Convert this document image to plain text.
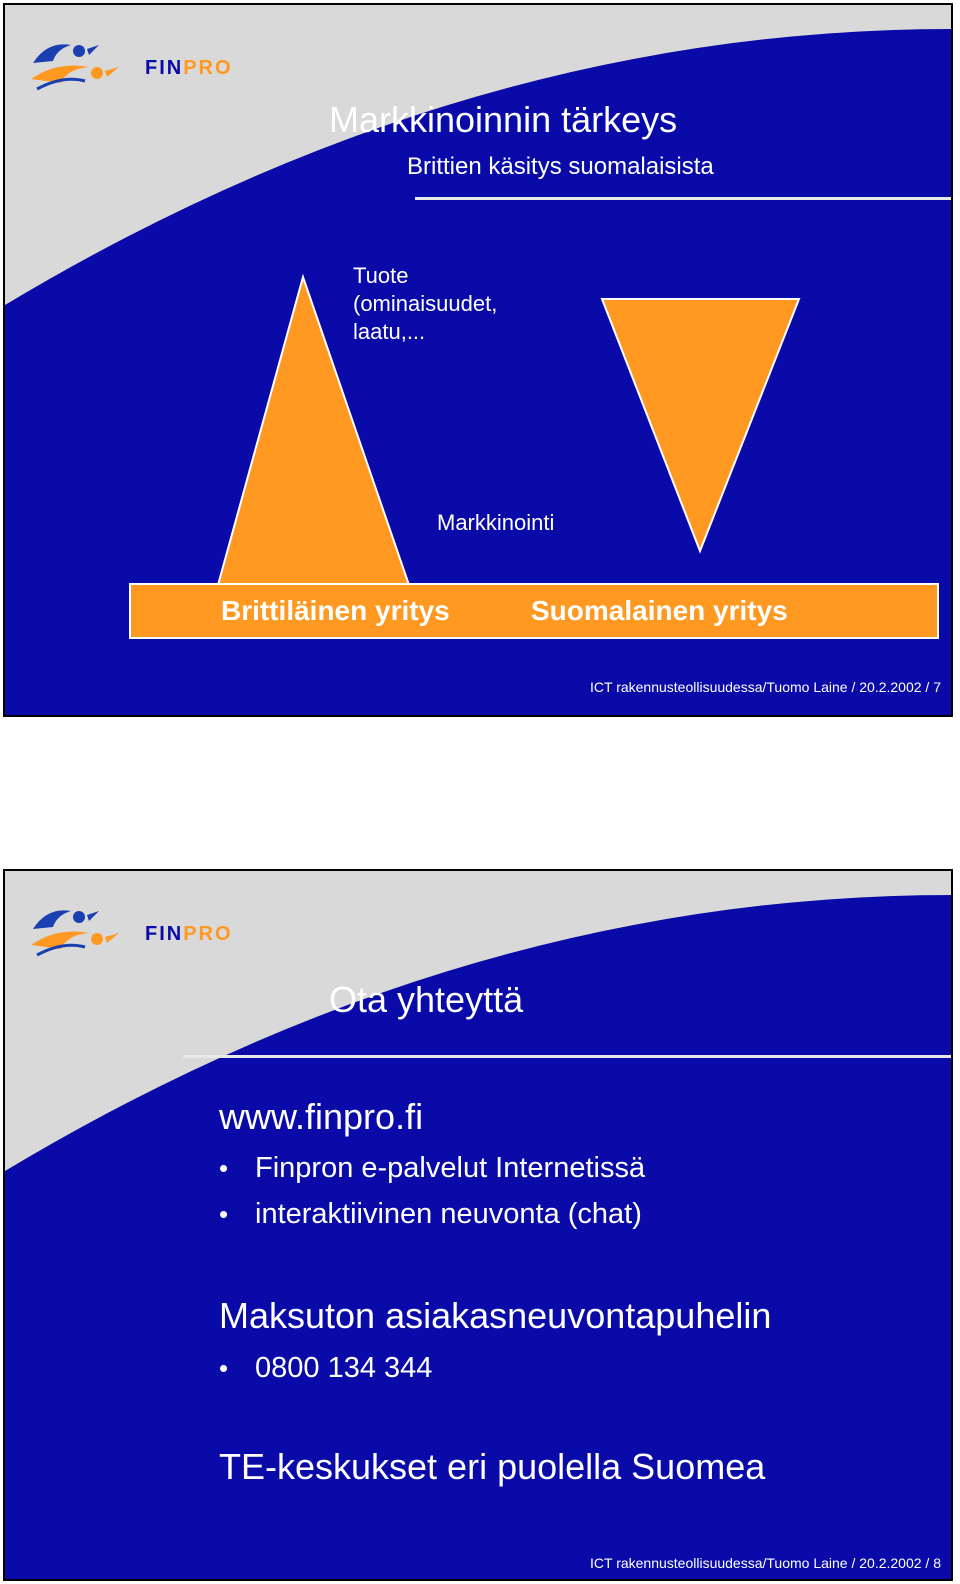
FINPRO
Markkinoinnin tärkeys
Brittien käsitys suomalaisista
Tuote (ominaisuudet, laatu,...
Markkinointi
Brittiläinen yritys	Suomalainen yritys
ICT rakennusteollisuudessa/Tuomo Laine / 20.2.2002 / 7
FINPRO
Ota yhteyttä
www.finpro.fi
• Finpron e-palvelut Internetissä
• interaktiivinen neuvonta (chat)
Maksuton asiakasneuvontapuhelin
• 0800 134 344
TE-keskukset eri puolella Suomea
ICT rakennusteollisuudessa/Tuomo Laine / 20.2.2002 / 8
